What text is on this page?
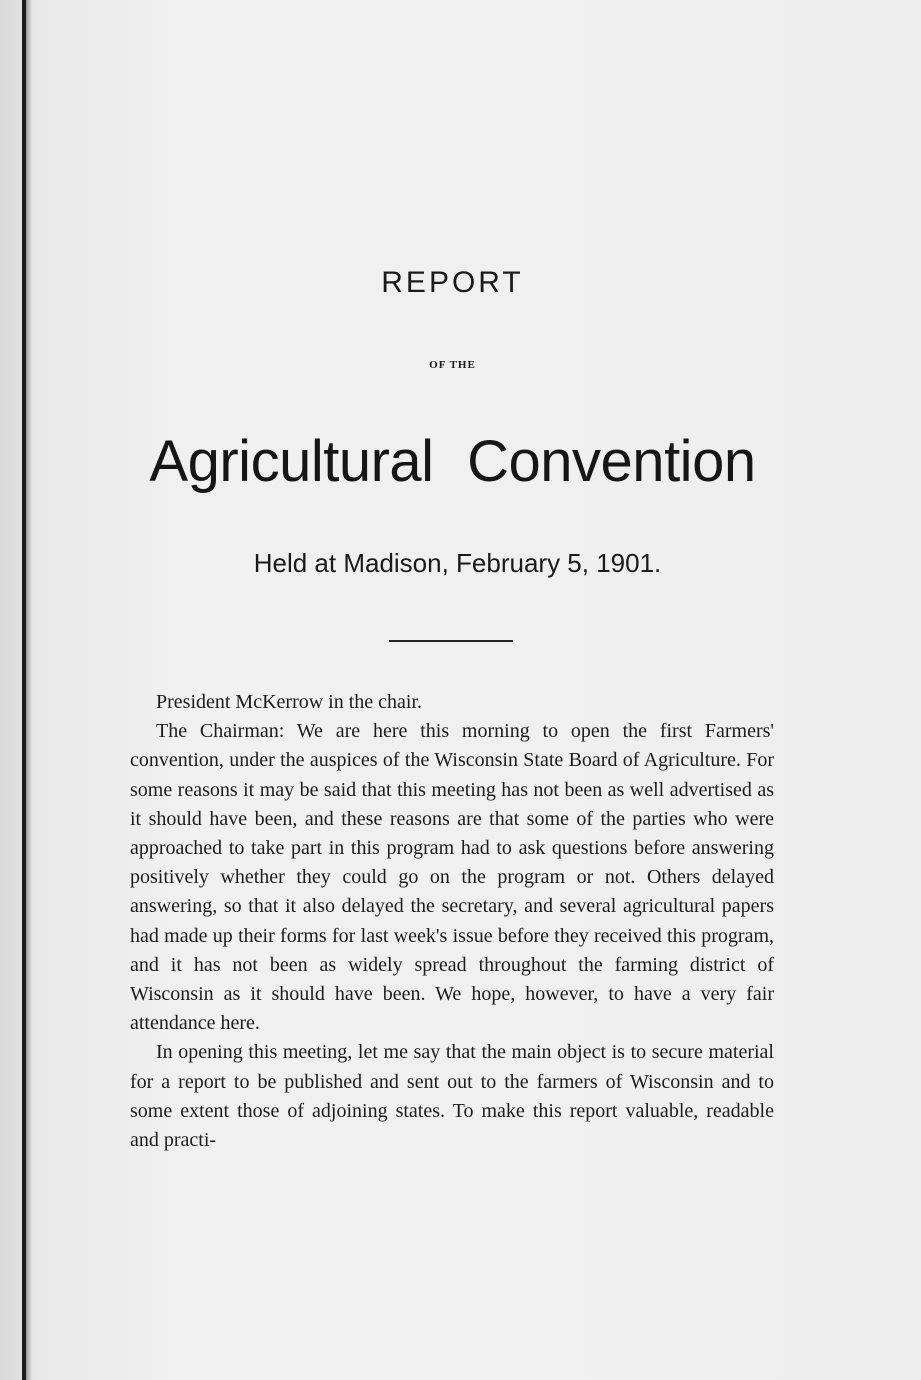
REPORT
OF THE
Agricultural Convention
Held at Madison, February 5, 1901.

President McKerrow in the chair.

The Chairman: We are here this morning to open the first Farmers' convention, under the auspices of the Wisconsin State Board of Agriculture. For some reasons it may be said that this meeting has not been as well advertised as it should have been, and these reasons are that some of the parties who were approached to take part in this program had to ask questions before answering positively whether they could go on the program or not. Others delayed answering, so that it also delayed the secretary, and several agricultural papers had made up their forms for last week's issue before they received this program, and it has not been as widely spread throughout the farming district of Wisconsin as it should have been. We hope, however, to have a very fair attendance here.

In opening this meeting, let me say that the main object is to secure material for a report to be published and sent out to the farmers of Wisconsin and to some extent those of adjoining states. To make this report valuable, readable and practi-
